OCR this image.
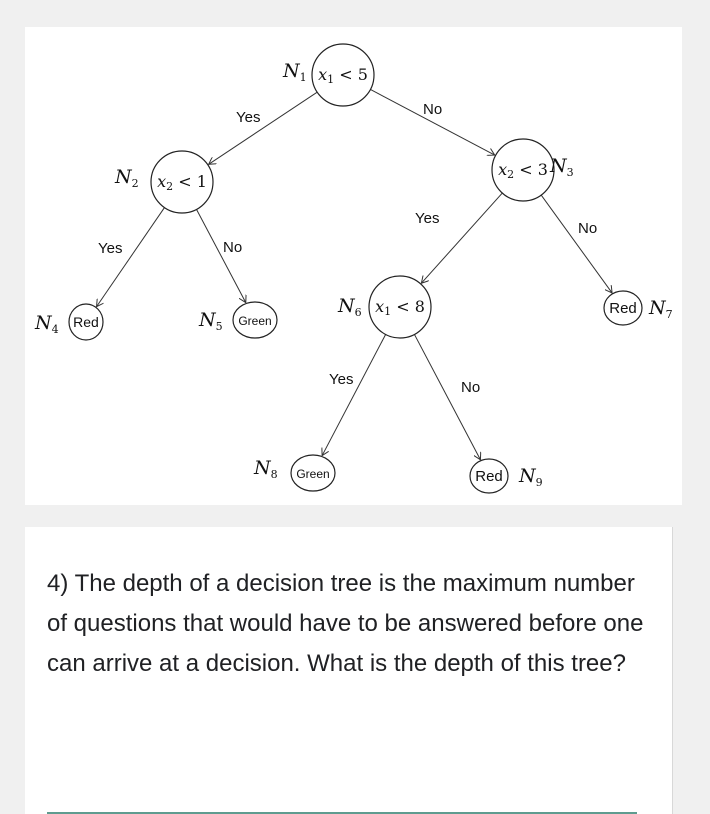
Yes	No
Yes	No
Yes
No
Yes	No
x1 < 5
$N_1$
x2 < 1
$N_2$
x2 < 3 $N_3$
Red
$N_4$
Green
$N_5$
x1 < 8
$N_6$	Red $N_7$
Green
$N_8$	Red $N_9$

4) The depth of a decision tree is the maximum number of questions that would have to be answered before one can arrive at a decision. What is the depth of this tree?
